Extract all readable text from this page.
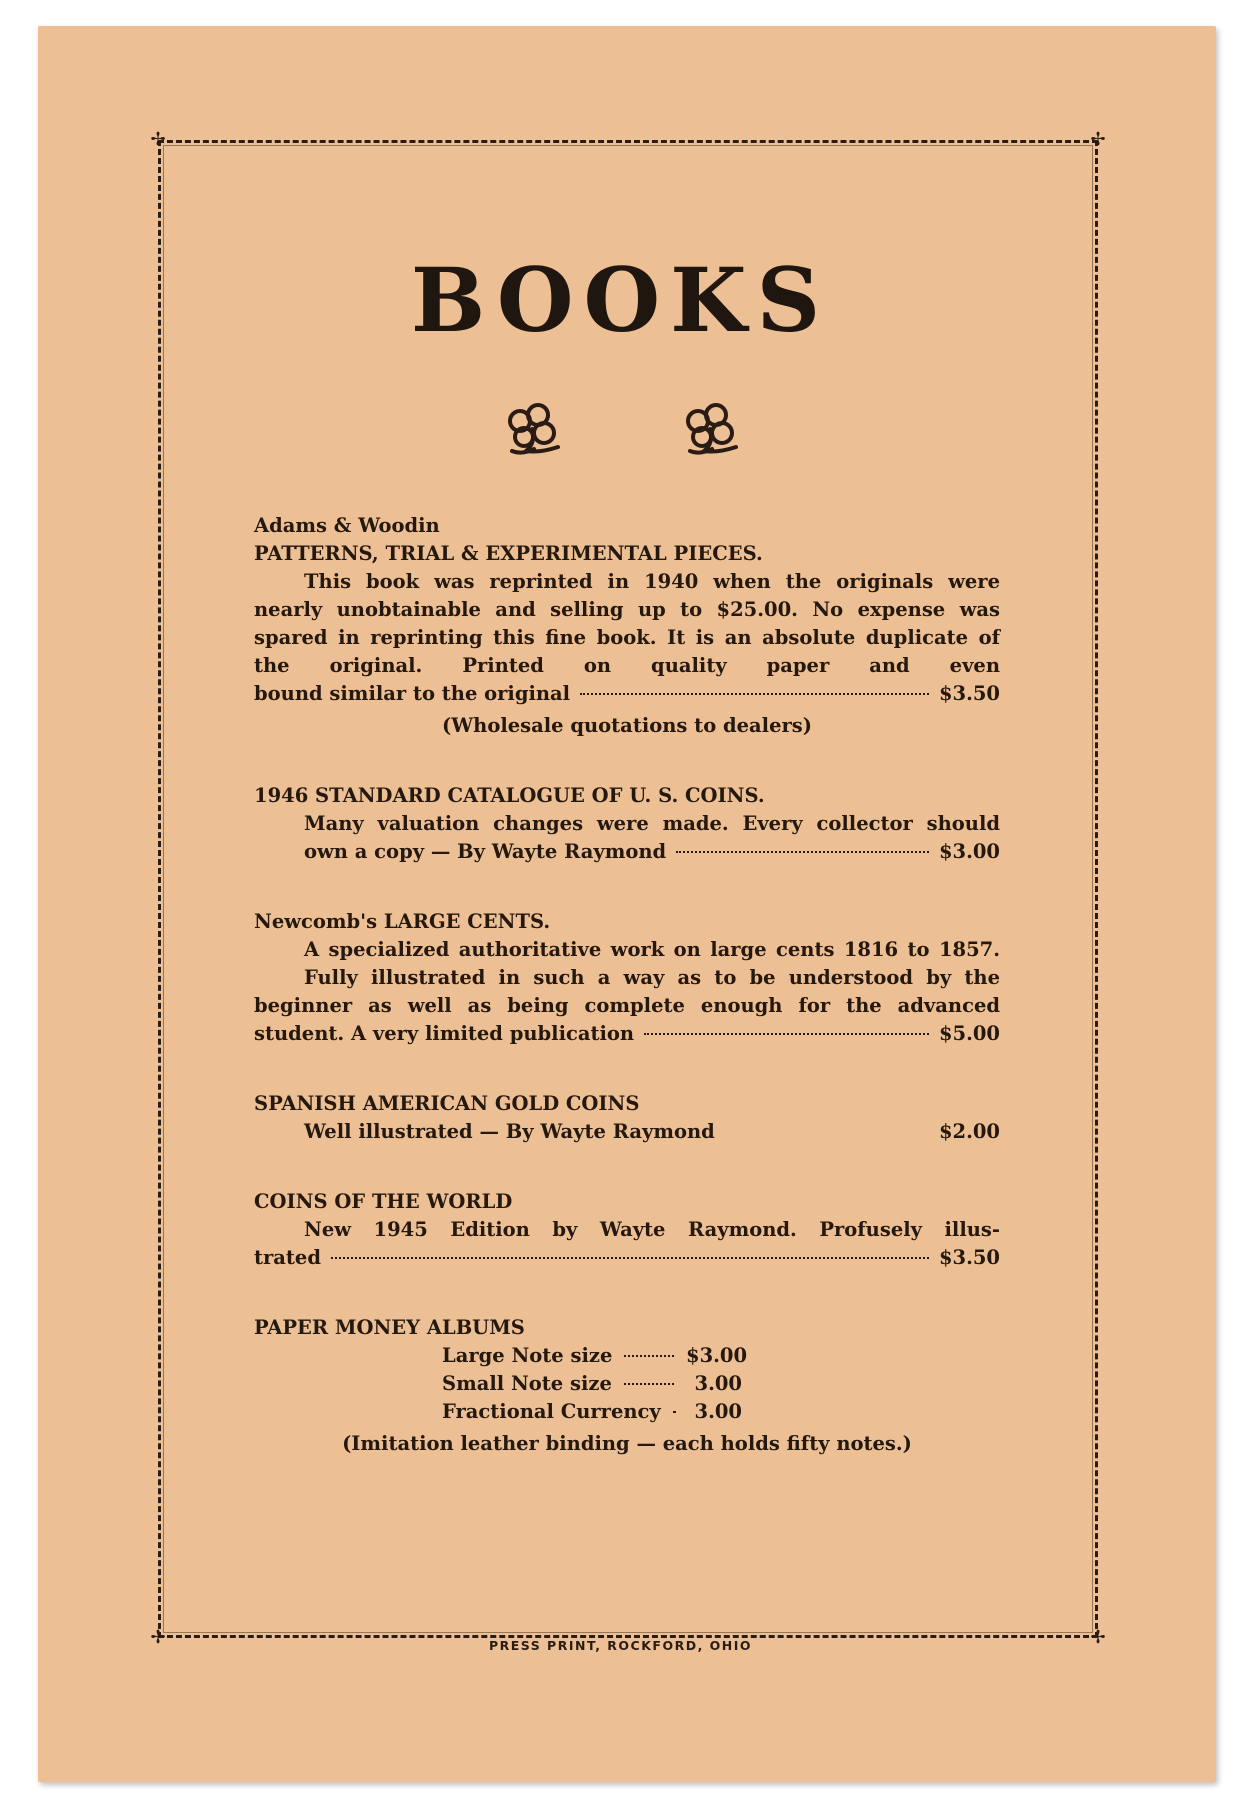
✢	✢
✢	✢
BOOKS
Adams & Woodin
PATTERNS, TRIAL & EXPERIMENTAL PIECES.
This book was reprinted in 1940 when the originals were nearly unobtainable and selling up to $25.00. No expense was spared in reprinting this fine book. It is an absolute duplicate of the original. Printed on quality paper and even
bound similar to the original	$3.50
(Wholesale quotations to dealers)
1946 STANDARD CATALOGUE OF U. S. COINS.
Many valuation changes were made. Every collector should
own a copy — By Wayte Raymond	$3.00
Newcomb's LARGE CENTS.
A specialized authoritative work on large cents 1816 to 1857.
Fully illustrated in such a way as to be understood by the beginner as well as being complete enough for the advanced
student. A very limited publication	$5.00
SPANISH AMERICAN GOLD COINS
Well illustrated — By Wayte Raymond	$2.00
COINS OF THE WORLD
New 1945 Edition by Wayte Raymond. Profusely illus-
trated	$3.50
PAPER MONEY ALBUMS
Large Note size	$3.00
Small Note size	3.00
Fractional Currency	3.00
(Imitation leather binding — each holds fifty notes.)
PRESS PRINT, ROCKFORD, OHIO
